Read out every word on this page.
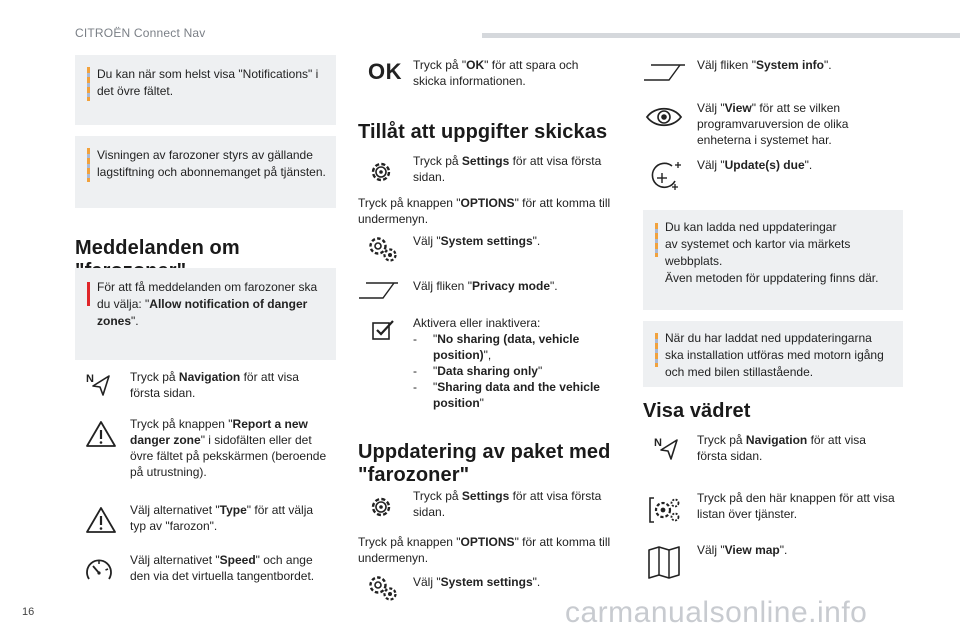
CITROËN Connect Nav
Du kan när som helst visa "Notifications" i det övre fältet.
Visningen av farozoner styrs av gällande lagstiftning och abonnemanget på tjänsten.
Meddelanden om
För att få meddelanden om farozoner ska du välja: "Allow notification of danger zones".
N	Tryck på Navigation för att visa första sidan.
Tryck på knappen "Report a new danger zone" i sidofälten eller det övre fältet på pekskärmen (beroende på utrustning).
Välj alternativet "Type" för att välja typ av "farozon".
Välj alternativet "Speed" och ange den via det virtuella tangentbordet.
OK Tryck på "OK" för att spara och skicka informationen.
Tillåt att uppgifter skickas
Tryck på Settings för att visa första sidan.
Tryck på knappen "OPTIONS" för att komma till undermenyn.
Välj "System settings".
Välj fliken "Privacy mode".
Aktivera eller inaktivera:
- "No sharing (data, vehicle position)",
- "Data sharing only"
- "Sharing data and the vehicle position"
Uppdatering av paket med "farozoner"
Tryck på Settings för att visa första sidan.
Tryck på knappen "OPTIONS" för att komma till undermenyn.
Välj "System settings".
Välj fliken "System info".
Välj "View" för att se vilken programvaruversion de olika enheterna i systemet har.
Välj "Update(s) due".
Du kan ladda ned uppdateringar
av systemet och kartor via märkets webbplats.
Även metoden för uppdatering finns där.
När du har laddat ned uppdateringarna ska installation utföras med motorn igång och med bilen stillastående.
Visa vädret
N	Tryck på Navigation för att visa första sidan.
Tryck på den här knappen för att visa listan över tjänster.
Välj "View map".
16	carmanualsonline.info
